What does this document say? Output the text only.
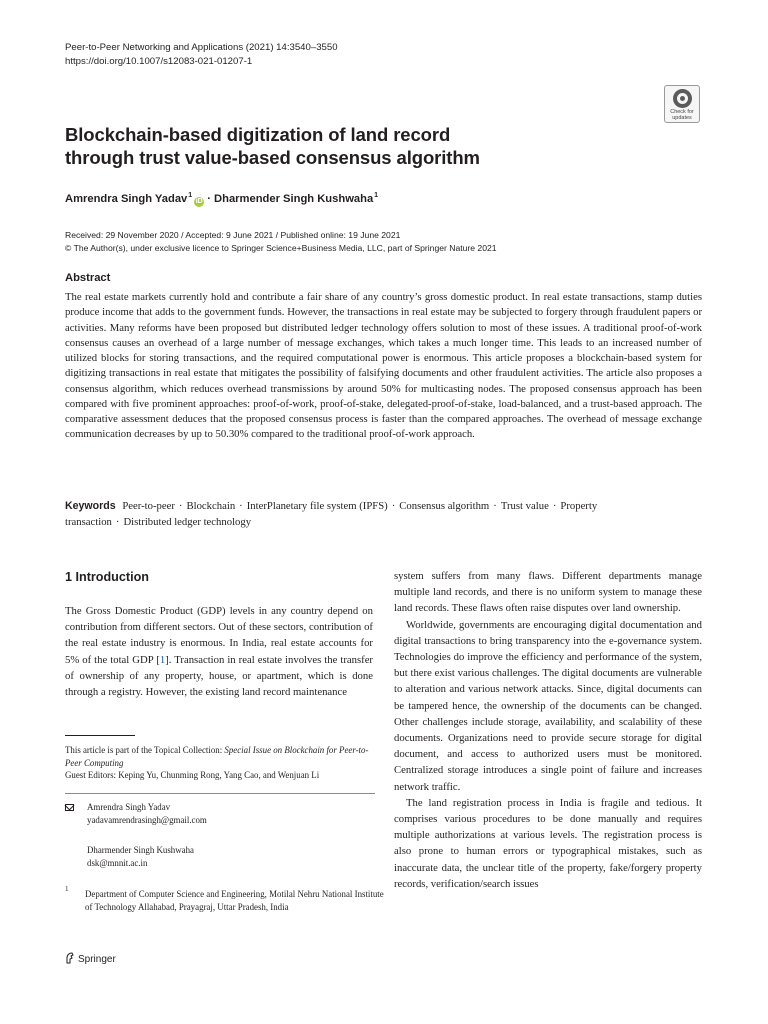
Peer-to-Peer Networking and Applications (2021) 14:3540–3550
https://doi.org/10.1007/s12083-021-01207-1
Check for
updates
Blockchain-based digitization of land record
through trust value-based consensus algorithm
Amrendra Singh Yadav$^1$iD · Dharmender Singh Kushwaha$^1$
Received: 29 November 2020 / Accepted: 9 June 2021 / Published online: 19 June 2021
© The Author(s), under exclusive licence to Springer Science+Business Media, LLC, part of Springer Nature 2021
Abstract
The real estate markets currently hold and contribute a fair share of any country’s gross domestic product. In real estate transactions, stamp duties produce income that adds to the government funds. However, the transactions in real estate may be subjected to forgery through fraudulent papers or activities. Many reforms have been proposed but distributed ledger technology offers solution to most of these issues. A traditional proof-of-work consensus causes an overhead of a large number of message exchanges, which takes a much longer time. This leads to an increased number of utilized blocks for storing transactions, and the required computational power is enormous. This article proposes a blockchain-based system for digitizing transactions in real estate that mitigates the possibility of falsifying documents and other fraudulent activities. The article also proposes a consensus algorithm, which reduces overhead transmissions by around 50% for multicasting nodes. The proposed consensus approach has been compared with five prominent approaches: proof-of-work, proof-of-stake, delegated-proof-of-stake, load-balanced, and a trust-based approach. The comparative assessment deduces that the proposed consensus process is faster than the compared approaches. The overhead of message exchange communication decreases by up to 50.30% compared to the traditional proof-of-work approach.
Keywords Peer-to-peer · Blockchain · InterPlanetary file system (IPFS) · Consensus algorithm · Trust value · Property transaction · Distributed ledger technology
1 Introduction

The Gross Domestic Product (GDP) levels in any country depend on contribution from different sectors. Out of these sectors, contribution of the real estate industry is enormous. In India, real estate accounts for 5% of the total GDP [1]. Transaction in real estate involves the transfer of ownership of any property, house, or apartment, which is done through a registry. However, the existing land record maintenance

system suffers from many flaws. Different departments manage multiple land records, and there is no uniform system to manage these land records. These flaws often raise disputes over land ownership.

Worldwide, governments are encouraging digital documentation and digital transactions to bring transparency into the e-governance system. Technologies do improve the efficiency and performance of the system, but there exist various challenges. The digital documents are vulnerable to alteration and various network attacks. Since, digital documents can be tampered hence, the ownership of the documents can be changed. Other challenges include storage, availability, and scalability of these documents. Organizations need to provide secure storage for digital document, and access to authorized users must be monitored. Centralized storage introduces a single point of failure and increases network traffic.

The land registration process in India is fragile and tedious. It comprises various procedures to be done manually and requires multiple authorizations at various levels. The registration process is also prone to human errors or typographical mistakes, such as inaccurate data, the unclear title of the property, fake/forgery property records, verification/search issues

This article is part of the Topical Collection: Special Issue on Blockchain for Peer-to-Peer Computing
Guest Editors: Keping Yu, Chunming Rong, Yang Cao, and Wenjuan Li
Amrendra Singh Yadav
yadavamrendrasingh@gmail.com
Dharmender Singh Kushwaha
dsk@mnnit.ac.in
1 Department of Computer Science and Engineering, Motilal Nehru National Institute of Technology Allahabad, Prayagraj, Uttar Pradesh, India
Springer
